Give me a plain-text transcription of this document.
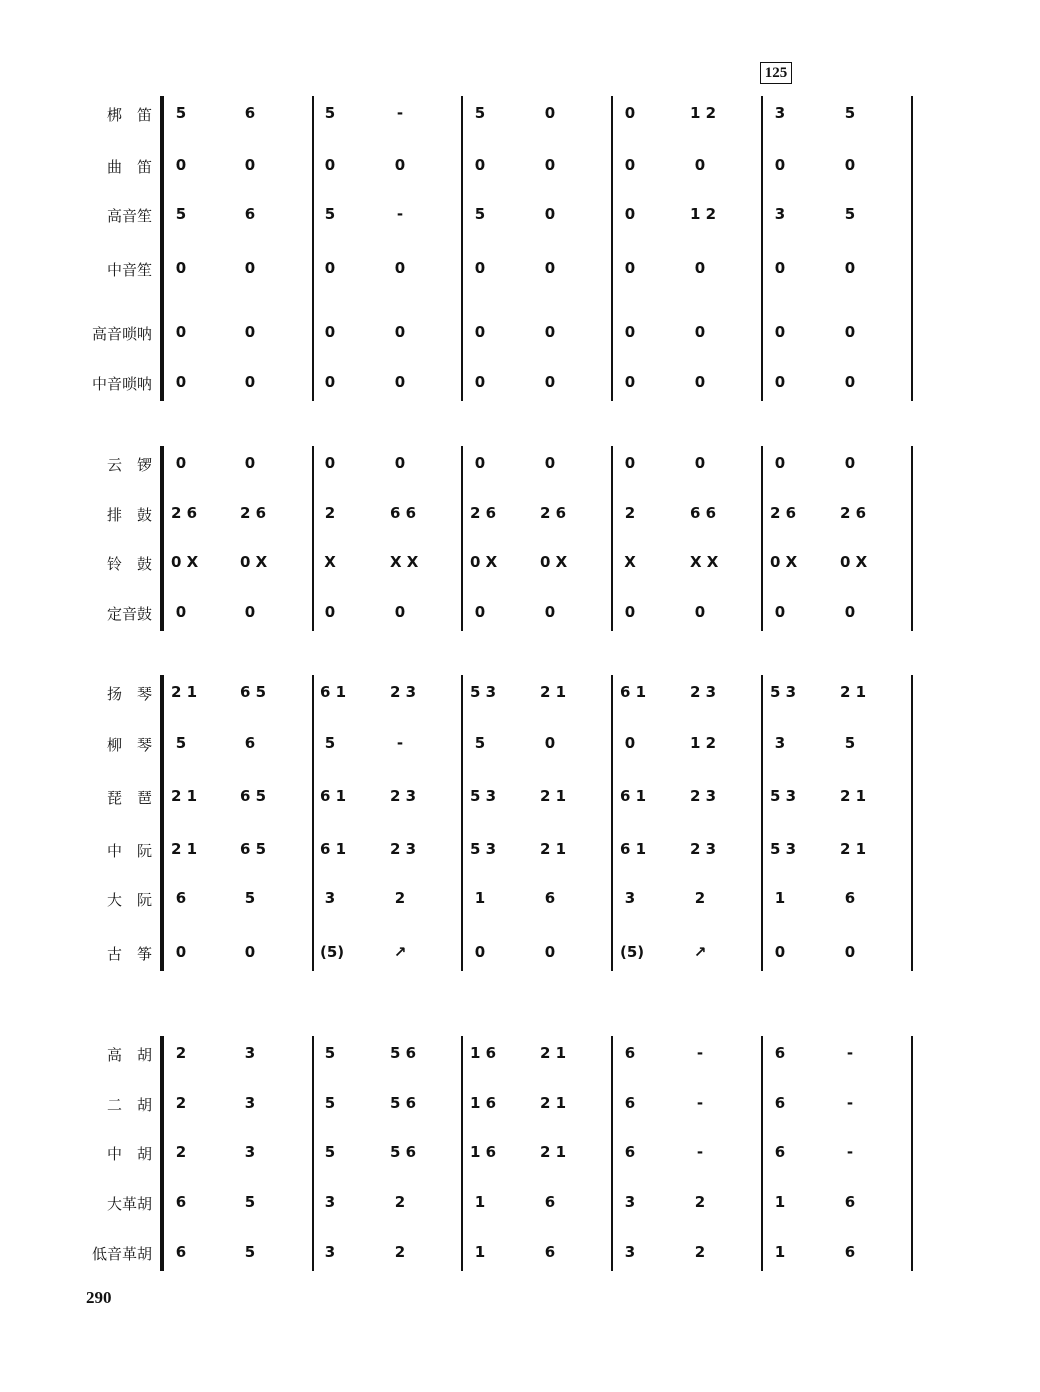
125
290
梆　笛	5	6	5	-	5	0	0	1 2	3	5
曲　笛	0	0	0	0	0	0	0	0	0	0
高音笙	5	6	5	-	5	0	0	1 2	3	5
中音笙	0	0	0	0	0	0	0	0	0	0
高音唢呐	0	0	0	0	0	0	0	0	0	0
中音唢呐	0	0	0	0	0	0	0	0	0	0
云　锣	0	0	0	0	0	0	0	0	0	0
排　鼓 2 6	2 6	2	6 6	2 6	2 6	2	6 6	2 6	2 6
铃　鼓 0 X	0 X	X	X X	0 X	0 X	X	X X	0 X	0 X
定音鼓	0	0	0	0	0	0	0	0	0	0
扬　琴 2 1	6 5	6 1	2 3	5 3	2 1	6 1	2 3	5 3	2 1
柳　琴	5	6	5	-	5	0	0	1 2	3	5
琵　琶 2 1	6 5	6 1	2 3	5 3	2 1	6 1	2 3	5 3	2 1
中　阮 2 1	6 5	6 1	2 3	5 3	2 1	6 1	2 3	5 3	2 1
大　阮	6	5	3	2	1	6	3	2	1	6
古　筝	0	0	(5)	↗	0	0	(5)	↗	0	0
高　胡	2	3	5	5 6	1 6	2 1	6	-	6	-
二　胡	2	3	5	5 6	1 6	2 1	6	-	6	-
中　胡	2	3	5	5 6	1 6	2 1	6	-	6	-
大革胡	6	5	3	2	1	6	3	2	1	6
低音革胡	6	5	3	2	1	6	3	2	1	6
